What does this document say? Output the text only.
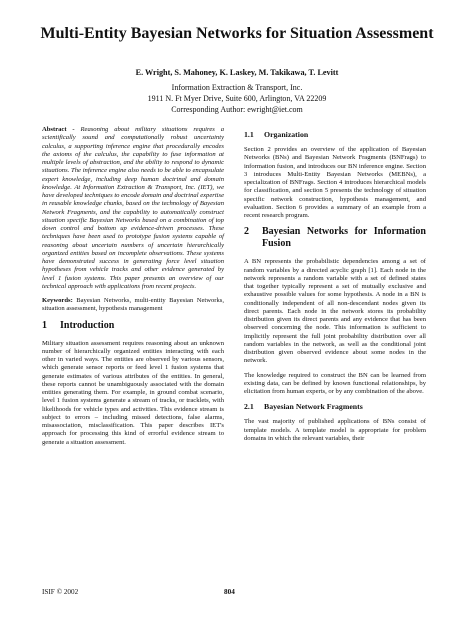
Multi-Entity Bayesian Networks for Situation Assessment
E. Wright, S. Mahoney, K. Laskey, M. Takikawa, T. Levitt
Information Extraction & Transport, Inc.
1911 N. Ft Myer Drive, Suite 600, Arlington, VA 22209
Corresponding Author: ewright@iet.com

Abstract - Reasoning about military situations requires a scientifically sound and computationally robust uncertainty calculus, a supporting inference engine that procedurally encodes the axioms of the calculus, the capability to fuse information at multiple levels of abstraction, and the ability to respond to dynamic situations. The inference engine also needs to be able to encapsulate expert knowledge, including deep human doctrinal and domain knowledge. At Information Extraction & Transport, Inc. (IET), we have developed techniques to encode domain and doctrinal expertise in reusable knowledge chunks, based on the technology of Bayesian Network Fragments, and the capability to automatically construct situation specific Bayesian Networks based on a combination of top down control and bottom up evidence-driven processes. These techniques have been used to prototype fusion systems capable of reasoning about uncertain numbers of uncertain hierarchically organized entities based on incomplete observations. These systems have demonstrated success in generating force level situation hypotheses from vehicle tracks and other evidence generated by level 1 fusion systems. This paper presents an overview of our technical approach with applications from recent projects.

Keywords: Bayesian Networks, multi-entity Bayesian Networks, situation assessment, hypothesis management

1	Introduction

Military situation assessment requires reasoning about an unknown number of hierarchically organized entities interacting with each other in varied ways. The entities are observed by various sensors, which generate sensor reports or feed level 1 fusion systems that generate estimates of various attributes of the entities. In general, these reports cannot be unambiguously associated with the domain entities generating them. For example, in ground combat scenario, level 1 fusion systems generate a stream of tracks, or tracklets, with likelihoods for vehicle types and activities. This evidence stream is subject to errors – including missed detections, false alarms, misassociation, misclassification. This paper describes IET's approach for processing this kind of errorful evidence stream to generate a situation assessment.

1.1	Organization

Section 2 provides an overview of the application of Bayesian Networks (BNs) and Bayesian Network Fragments (BNFrags) to information fusion, and introduces our BN inference engine. Section 3 introduces Multi-Entity Bayesian Networks (MEBNs), a specialization of BNFrags. Section 4 introduces hierarchical models for classification, and section 5 presents the technology of situation specific network construction, hypothesis management, and evaluation. Section 6 provides a summary of an example from a recent research program.

2	Bayesian Networks for Information Fusion

A BN represents the probabilistic dependencies among a set of random variables by a directed acyclic graph [1]. Each node in the network represents a random variable with a set of defined states that together typically represent a set of mutually exclusive and exhaustive possible values for some hypothesis. A node in a BN is conditionally independent of all non-descendant nodes given its direct parents. Each node in the network stores its probability distribution given its direct parents and any evidence that has been observed concerning the node. This information is sufficient to implicitly represent the full joint probability distribution over all random variables in the network, as well as the conditional joint distribution given observed evidence about some nodes in the network.

The knowledge required to construct the BN can be learned from existing data, can be defined by known functional relationships, by elicitation from human experts, or by any combination of the above.

2.1	Bayesian Network Fragments

The vast majority of published applications of BNs consist of template models. A template model is appropriate for problem domains in which the relevant variables, their

ISIF © 2002	804
